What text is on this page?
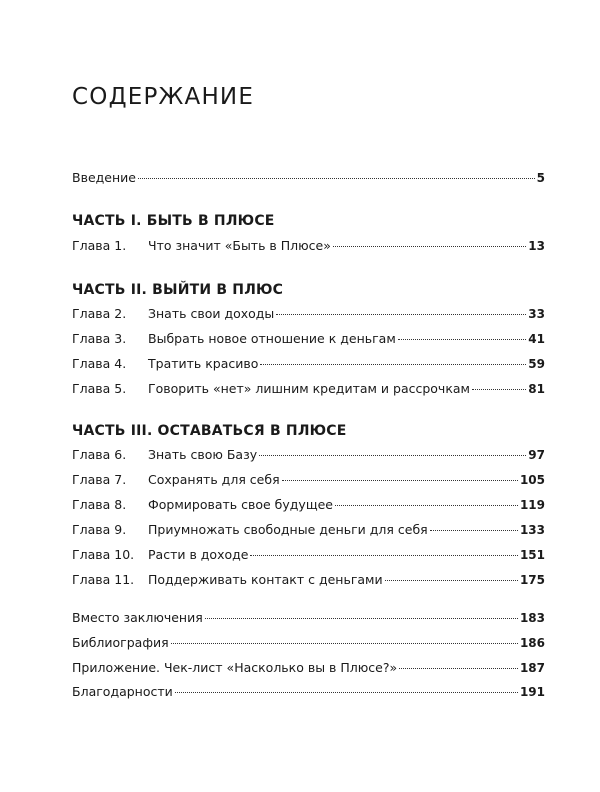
СОДЕРЖАНИЕ
Введение	5
ЧАСТЬ I. БЫТЬ В ПЛЮСЕ
Глава 1.	Что значит «Быть в Плюсе»	13
ЧАСТЬ II. ВЫЙТИ В ПЛЮС
Глава 2.	Знать свои доходы	33
Глава 3.	Выбрать новое отношение к деньгам	41
Глава 4.	Тратить красиво	59
Глава 5.	Говорить «нет» лишним кредитам и рассрочкам	81
ЧАСТЬ III. ОСТАВАТЬСЯ В ПЛЮСЕ
Глава 6.	Знать свою Базу	97
Глава 7.	Сохранять для себя	105
Глава 8.	Формировать свое будущее	119
Глава 9.	Приумножать свободные деньги для себя	133
Глава 10.	Расти в доходе	151
Глава 11.	Поддерживать контакт с деньгами	175
Вместо заключения	183
Библиография	186
Приложение. Чек-лист «Насколько вы в Плюсе?»	187
Благодарности	191
